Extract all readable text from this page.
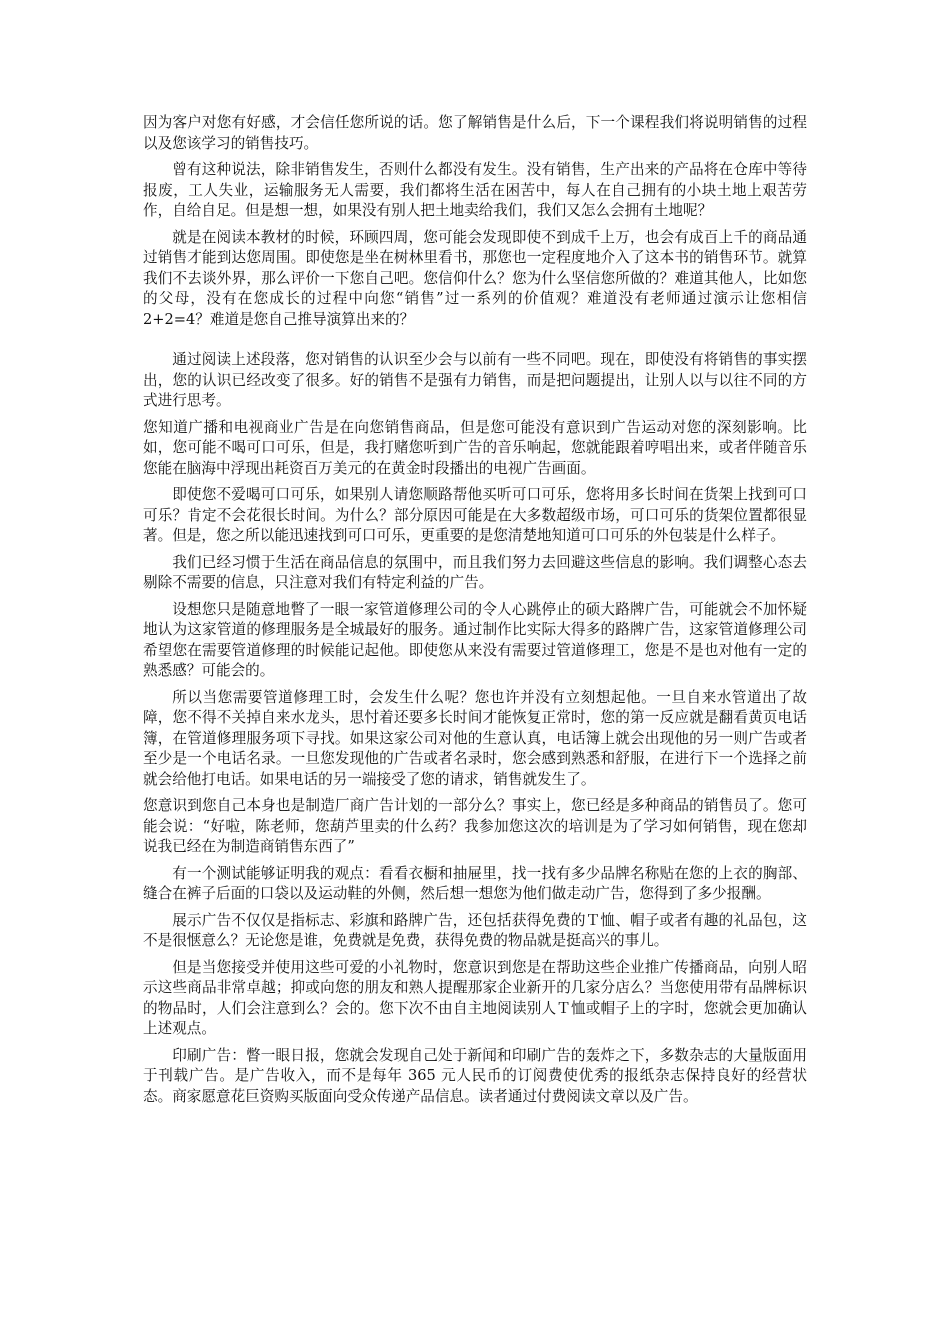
因为客户对您有好感，才会信任您所说的话。您了解销售是什么后，下一个课程我们将说明销售的过程以及您该学习的销售技巧。

曾有这种说法，除非销售发生，否则什么都没有发生。没有销售，生产出来的产品将在仓库中等待报废，工人失业，运输服务无人需要，我们都将生活在困苦中，每人在自己拥有的小块土地上艰苦劳作，自给自足。但是想一想，如果没有别人把土地卖给我们，我们又怎么会拥有土地呢？

就是在阅读本教材的时候，环顾四周，您可能会发现即使不到成千上万，也会有成百上千的商品通过销售才能到达您周围。即使您是坐在树林里看书，那您也一定程度地介入了这本书的销售环节。就算我们不去谈外界，那么评价一下您自己吧。您信仰什么？您为什么坚信您所做的？难道其他人，比如您的父母，没有在您成长的过程中向您“销售”过一系列的价值观？难道没有老师通过演示让您相信 2+2=4？难道是您自己推导演算出来的？

通过阅读上述段落，您对销售的认识至少会与以前有一些不同吧。现在，即使没有将销售的事实摆出，您的认识已经改变了很多。好的销售不是强有力销售，而是把问题提出，让别人以与以往不同的方式进行思考。

您知道广播和电视商业广告是在向您销售商品，但是您可能没有意识到广告运动对您的深刻影响。比如，您可能不喝可口可乐，但是，我打赌您听到广告的音乐响起，您就能跟着哼唱出来，或者伴随音乐您能在脑海中浮现出耗资百万美元的在黄金时段播出的电视广告画面。

即使您不爱喝可口可乐，如果别人请您顺路帮他买听可口可乐，您将用多长时间在货架上找到可口可乐？肯定不会花很长时间。为什么？部分原因可能是在大多数超级市场，可口可乐的货架位置都很显著。但是，您之所以能迅速找到可口可乐，更重要的是您清楚地知道可口可乐的外包装是什么样子。

我们已经习惯于生活在商品信息的氛围中，而且我们努力去回避这些信息的影响。我们调整心态去剔除不需要的信息，只注意对我们有特定利益的广告。

设想您只是随意地瞥了一眼一家管道修理公司的令人心跳停止的硕大路牌广告，可能就会不加怀疑地认为这家管道的修理服务是全城最好的服务。通过制作比实际大得多的路牌广告，这家管道修理公司希望您在需要管道修理的时候能记起他。即使您从来没有需要过管道修理工，您是不是也对他有一定的熟悉感？可能会的。

所以当您需要管道修理工时，会发生什么呢？您也许并没有立刻想起他。一旦自来水管道出了故障，您不得不关掉自来水龙头，思忖着还要多长时间才能恢复正常时，您的第一反应就是翻看黄页电话簿，在管道修理服务项下寻找。如果这家公司对他的生意认真，电话簿上就会出现他的另一则广告或者至少是一个电话名录。一旦您发现他的广告或者名录时，您会感到熟悉和舒服，在进行下一个选择之前就会给他打电话。如果电话的另一端接受了您的请求，销售就发生了。

您意识到您自己本身也是制造厂商广告计划的一部分么？事实上，您已经是多种商品的销售员了。您可能会说：“好啦，陈老师，您葫芦里卖的什么药？我参加您这次的培训是为了学习如何销售，现在您却说我已经在为制造商销售东西了”

有一个测试能够证明我的观点：看看衣橱和抽屉里，找一找有多少品牌名称贴在您的上衣的胸部、缝合在裤子后面的口袋以及运动鞋的外侧，然后想一想您为他们做走动广告，您得到了多少报酬。

展示广告不仅仅是指标志、彩旗和路牌广告，还包括获得免费的Ｔ恤、帽子或者有趣的礼品包，这不是很惬意么？无论您是谁，免费就是免费，获得免费的物品就是挺高兴的事儿。

但是当您接受并使用这些可爱的小礼物时，您意识到您是在帮助这些企业推广传播商品，向别人昭示这些商品非常卓越；抑或向您的朋友和熟人提醒那家企业新开的几家分店么？当您使用带有品牌标识的物品时，人们会注意到么？会的。您下次不由自主地阅读别人Ｔ恤或帽子上的字时，您就会更加确认上述观点。

印刷广告：瞥一眼日报，您就会发现自己处于新闻和印刷广告的轰炸之下，多数杂志的大量版面用于刊载广告。是广告收入，而不是每年 365 元人民币的订阅费使优秀的报纸杂志保持良好的经营状态。商家愿意花巨资购买版面向受众传递产品信息。读者通过付费阅读文章以及广告。
